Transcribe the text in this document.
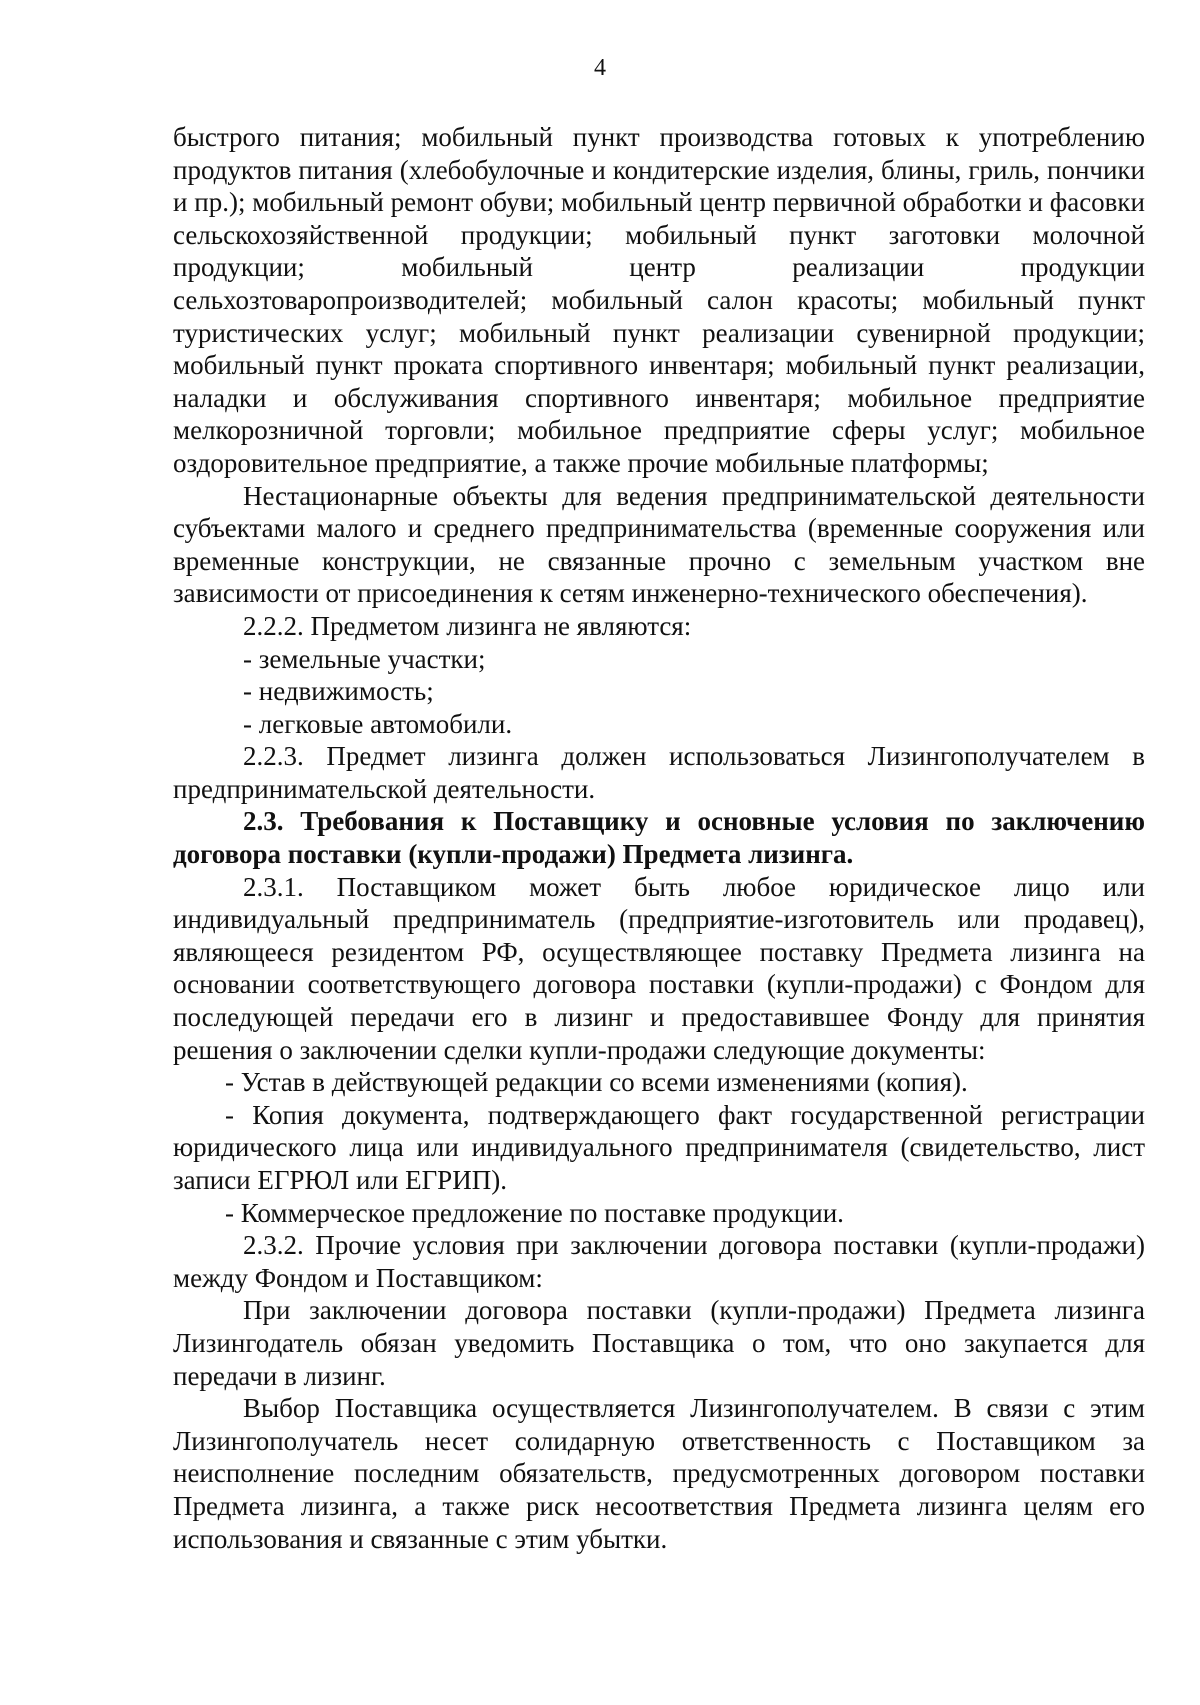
4

быстрого питания; мобильный пункт производства готовых к употреблению продуктов питания (хлебобулочные и кондитерские изделия, блины, гриль, пончики и пр.); мобильный ремонт обуви; мобильный центр первичной обработки и фасовки сельскохозяйственной продукции; мобильный пункт заготовки молочной продукции; мобильный центр реализации продукции сельхозтоваропроизводителей; мобильный салон красоты; мобильный пункт туристических услуг; мобильный пункт реализации сувенирной продукции; мобильный пункт проката спортивного инвентаря; мобильный пункт реализации, наладки и обслуживания спортивного инвентаря; мобильное предприятие мелкорозничной торговли; мобильное предприятие сферы услуг; мобильное оздоровительное предприятие, а также прочие мобильные платформы;

Нестационарные объекты для ведения предпринимательской деятельности субъектами малого и среднего предпринимательства (временные сооружения или временные конструкции, не связанные прочно с земельным участком вне зависимости от присоединения к сетям инженерно-технического обеспечения).

2.2.2. Предметом лизинга не являются:

- земельные участки;

- недвижимость;

- легковые автомобили.

2.2.3. Предмет лизинга должен использоваться Лизингополучателем в предпринимательской деятельности.

2.3. Требования к Поставщику и основные условия по заключению договора поставки (купли-продажи) Предмета лизинга.

2.3.1. Поставщиком может быть любое юридическое лицо или индивидуальный предприниматель (предприятие-изготовитель или продавец), являющееся резидентом РФ, осуществляющее поставку Предмета лизинга на основании соответствующего договора поставки (купли-продажи) с Фондом для последующей передачи его в лизинг и предоставившее Фонду для принятия решения о заключении сделки купли-продажи следующие документы:

- Устав в действующей редакции со всеми изменениями (копия).

- Копия документа, подтверждающего факт государственной регистрации юридического лица или индивидуального предпринимателя (свидетельство, лист записи ЕГРЮЛ или ЕГРИП).

- Коммерческое предложение по поставке продукции.

2.3.2. Прочие условия при заключении договора поставки (купли-продажи) между Фондом и Поставщиком:

При заключении договора поставки (купли-продажи) Предмета лизинга Лизингодатель обязан уведомить Поставщика о том, что оно закупается для передачи в лизинг.

Выбор Поставщика осуществляется Лизингополучателем. В связи с этим Лизингополучатель несет солидарную ответственность с Поставщиком за неисполнение последним обязательств, предусмотренных договором поставки Предмета лизинга, а также риск несоответствия Предмета лизинга целям его использования и связанные с этим убытки.
